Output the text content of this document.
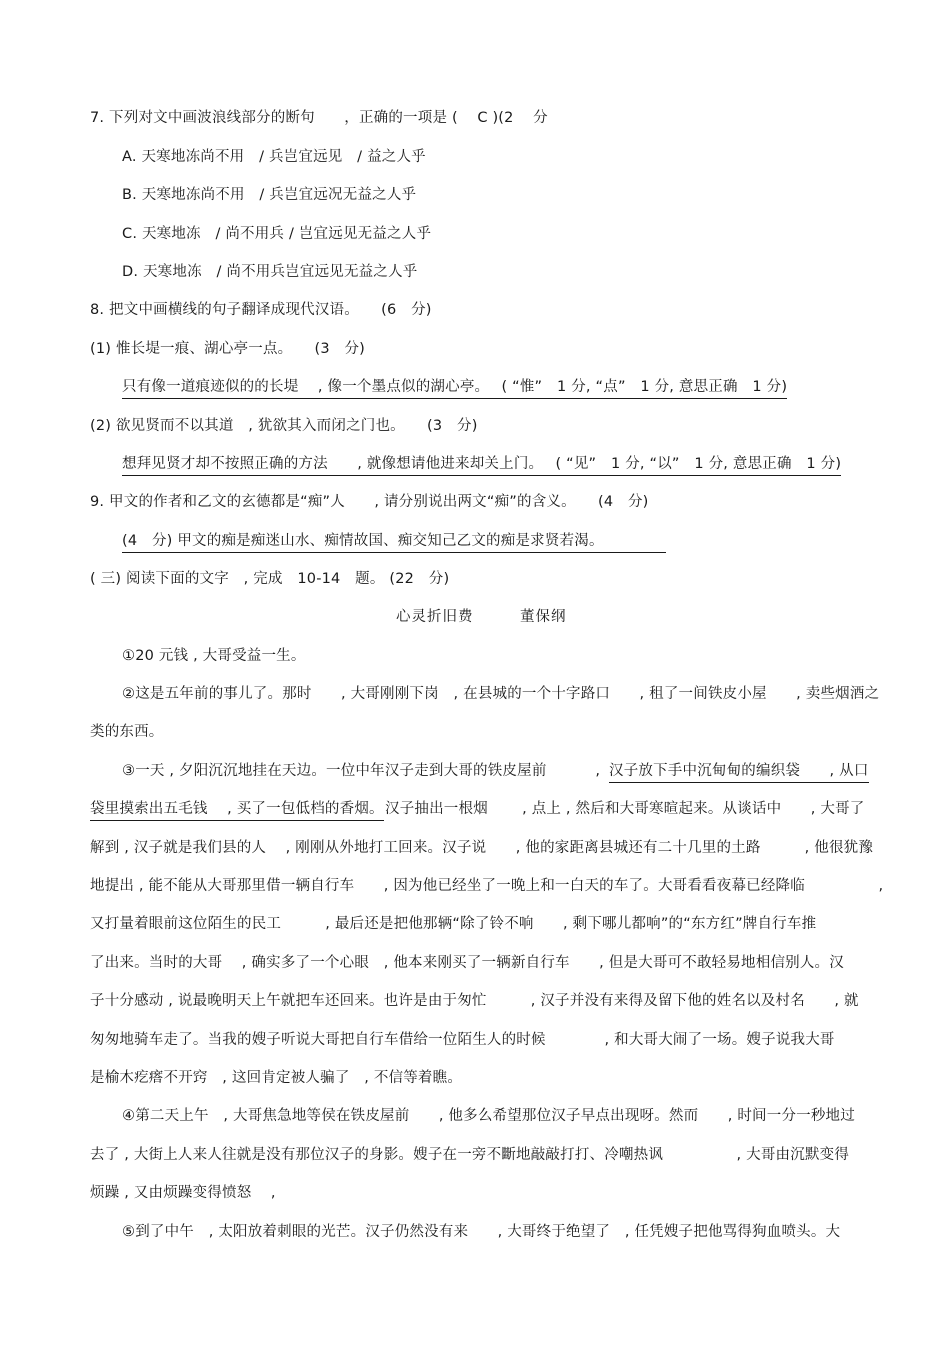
7. 下列对文中画波浪线部分的断句　　，正确的一项是 (　 C )(2　 分
A. 天寒地冻尚不用　/ 兵岂宜远见　/ 益之人乎
B. 天寒地冻尚不用　/ 兵岂宜远况无益之人乎
C. 天寒地冻　/ 尚不用兵 / 岂宜远见无益之人乎
D. 天寒地冻　/ 尚不用兵岂宜远见无益之人乎
8. 把文中画横线的句子翻译成现代汉语。　　(6　分)
(1) 惟长堤一痕、湖心亭一点。　　(3　分)
只有像一道痕迹似的的长堤　 , 像一个墨点似的湖心亭。　 ( “惟”　1 分, “点”　1 分, 意思正确　1 分)
(2) 欲见贤而不以其道　, 犹欲其入而闭之门也。　　(3　分)
想拜见贤才却不按照正确的方法　　, 就像想请他进来却关上门。　 ( “见”　1 分, “以”　1 分, 意思正确　1 分)
9. 甲文的作者和乙文的玄德都是“痴”人　　, 请分别说出两文“痴”的含义。　　(4　分)
(4　分) 甲文的痴是痴迷山水、痴情故国、痴交知己乙文的痴是求贤若渴。
( 三) 阅读下面的文字　, 完成　10-14　题。 (22　分)
心灵折旧费　　　董保纲
①20 元钱 , 大哥受益一生。
②这是五年前的事儿了。那时　　, 大哥刚刚下岗　, 在县城的一个十字路口　　, 租了一间铁皮小屋　　, 卖些烟酒之
类的东西。
③一天 , 夕阳沉沉地挂在天边。一位中年汉子走到大哥的铁皮屋前　　　 , 汉子放下手中沉甸甸的编织袋　　, 从口
袋里摸索出五毛钱　 , 买了一包低档的香烟。 汉子抽出一根烟　　 , 点上 , 然后和大哥寒暄起来。从谈话中　　, 大哥了
解到 , 汉子就是我们县的人　 , 刚刚从外地打工回来。汉子说　　, 他的家距离县城还有二十几里的土路　　　, 他很犹豫
地提出 , 能不能从大哥那里借一辆自行车　　, 因为他已经坐了一晚上和一白天的车了。大哥看看夜幕已经降临　　　　　,
又打量着眼前这位陌生的民工　　　, 最后还是把他那辆“除了铃不响　　, 剩下哪儿都响”的“东方红”牌自行车推
了出来。当时的大哥　 , 确实多了一个心眼　, 他本来刚买了一辆新自行车　　, 但是大哥可不敢轻易地相信别人。汉
子十分感动 , 说最晚明天上午就把车还回来。也许是由于匆忙　　　, 汉子并没有来得及留下他的姓名以及村名　　, 就
匆匆地骑车走了。当我的嫂子听说大哥把自行车借给一位陌生人的时候　　　　, 和大哥大闹了一场。嫂子说我大哥
是榆木疙瘩不开窍　, 这回肯定被人骗了　, 不信等着瞧。
④第二天上午　, 大哥焦急地等侯在铁皮屋前　　, 他多么希望那位汉子早点出现呀。然而　　, 时间一分一秒地过
去了 , 大街上人来人往就是没有那位汉子的身影。嫂子在一旁不斷地敲敲打打、冷嘲热讽　　　　　, 大哥由沉默变得
烦躁 , 又由烦躁变得愤怒　 ,
⑤到了中午　, 太阳放着刺眼的光芒。汉子仍然没有来　　, 大哥终于绝望了　, 任凭嫂子把他骂得狗血喷头。大
